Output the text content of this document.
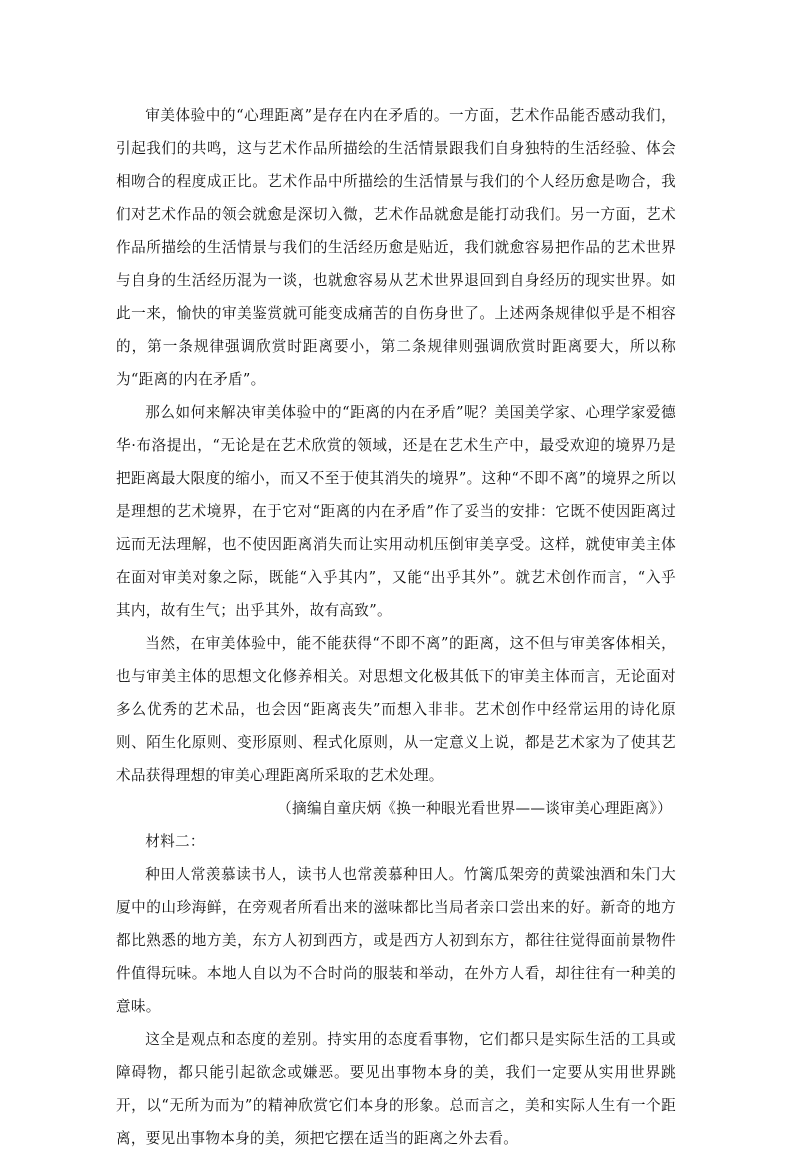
审美体验中的“心理距离”是存在内在矛盾的。一方面，艺术作品能否感动我们，引起我们的共鸣，这与艺术作品所描绘的生活情景跟我们自身独特的生活经验、体会相吻合的程度成正比。艺术作品中所描绘的生活情景与我们的个人经历愈是吻合，我们对艺术作品的领会就愈是深切入微，艺术作品就愈是能打动我们。另一方面，艺术作品所描绘的生活情景与我们的生活经历愈是贴近，我们就愈容易把作品的艺术世界与自身的生活经历混为一谈，也就愈容易从艺术世界退回到自身经历的现实世界。如此一来，愉快的审美鉴赏就可能变成痛苦的自伤身世了。上述两条规律似乎是不相容的，第一条规律强调欣赏时距离要小，第二条规律则强调欣赏时距离要大，所以称为“距离的内在矛盾”。

那么如何来解决审美体验中的“距离的内在矛盾”呢？美国美学家、心理学家爱德华·布洛提出，“无论是在艺术欣赏的领域，还是在艺术生产中，最受欢迎的境界乃是把距离最大限度的缩小，而又不至于使其消失的境界”。这种“不即不离”的境界之所以是理想的艺术境界，在于它对“距离的内在矛盾”作了妥当的安排：它既不使因距离过远而无法理解，也不使因距离消失而让实用动机压倒审美享受。这样，就使审美主体在面对审美对象之际，既能“入乎其内”，又能“出乎其外”。就艺术创作而言，“入乎其内，故有生气；出乎其外，故有高致”。

当然，在审美体验中，能不能获得“不即不离”的距离，这不但与审美客体相关，也与审美主体的思想文化修养相关。对思想文化极其低下的审美主体而言，无论面对多么优秀的艺术品，也会因“距离丧失”而想入非非。艺术创作中经常运用的诗化原则、陌生化原则、变形原则、程式化原则，从一定意义上说，都是艺术家为了使其艺术品获得理想的审美心理距离所采取的艺术处理。

（摘编自童庆炳《换一种眼光看世界——谈审美心理距离》）

材料二：

种田人常羡慕读书人，读书人也常羡慕种田人。竹篱瓜架旁的黄粱浊酒和朱门大厦中的山珍海鲜，在旁观者所看出来的滋味都比当局者亲口尝出来的好。新奇的地方都比熟悉的地方美，东方人初到西方，或是西方人初到东方，都往往觉得面前景物件件值得玩味。本地人自以为不合时尚的服装和举动，在外方人看，却往往有一种美的意味。

这全是观点和态度的差别。持实用的态度看事物，它们都只是实际生活的工具或障碍物，都只能引起欲念或嫌恶。要见出事物本身的美，我们一定要从实用世界跳开，以“无所为而为”的精神欣赏它们本身的形象。总而言之，美和实际人生有一个距离，要见出事物本身的美，须把它摆在适当的距离之外去看。
